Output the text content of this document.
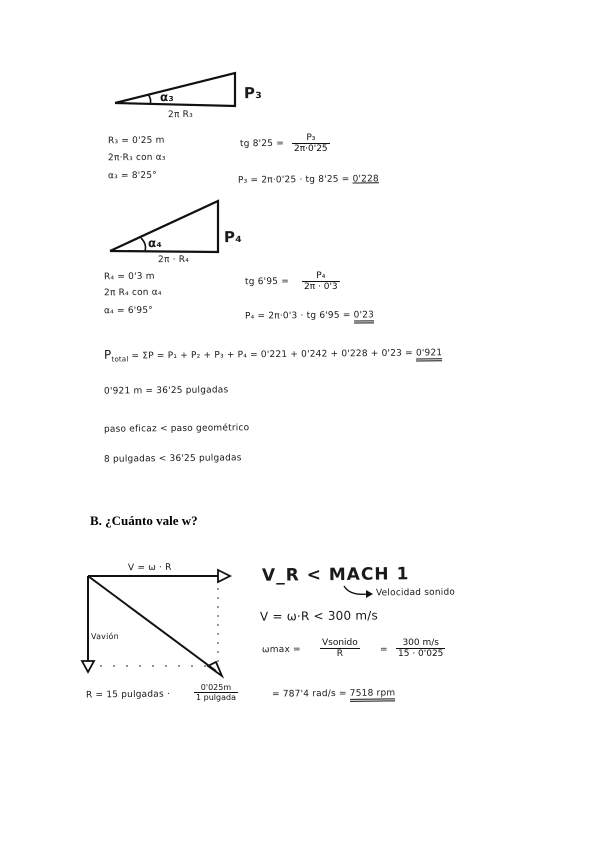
α₃	P₃
2π R₃
R₃ = 0'25 m
2π·R₃ con α₃
α₃ = 8'25°
tg $8'25 = \frac{\text{P₃}}{2\pi\cdot 0'25}$
P₃ = 2π·0'25 · tg 8'25 = 0'228
α₄	P₄
2π · R₄
R₄ = 0'3 m
2π R₄ con α₄
α₄ = 6'95°
tg $6'95 = \frac{\text{P₄}}{2\pi \cdot 0'3}$
P₄ = 2π·0'3 · tg 6'95 = 0'23
$P_{total} = \Sigma P = P_1 + P_2 + P_3 + P_4 = 0'221 + 0'242 + 0'228 + 0'23 = 0'921$
0'921 m = 36'25 pulgadas
paso eficaz < paso geométrico
8 pulgadas < 36'25 pulgadas
B. ¿Cuánto vale w?
V = ω · R
Vavión
V_R < MACH 1
Velocidad sonido
V = ω·R < 300 m/s
ωmax =
Vsonido
R	= $\frac{300 m/s}{15 \cdot 0'025}$
R = 15 pulgadas ·
0'025m
1 pulgada	= 787'4 rad/s = 7518 rpm
